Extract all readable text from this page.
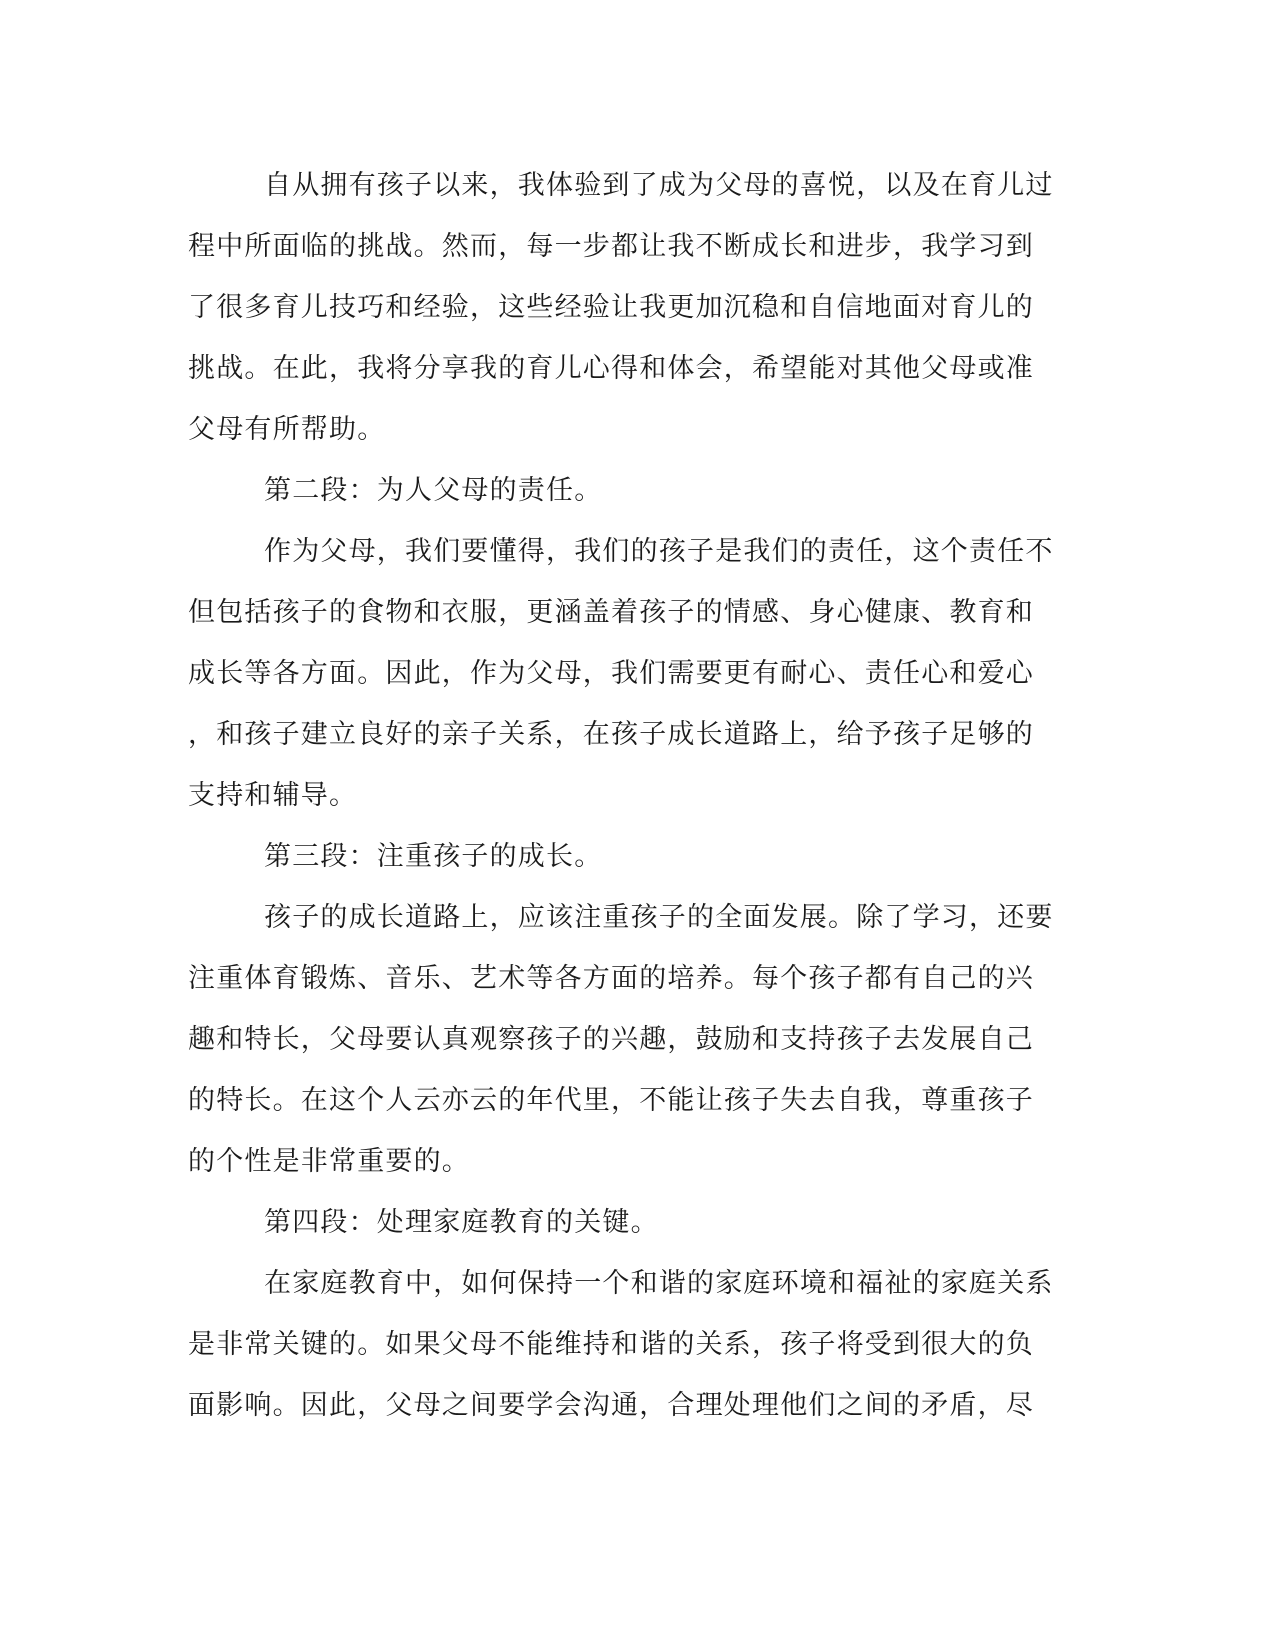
自从拥有孩子以来，我体验到了成为父母的喜悦，以及在育儿过
程中所面临的挑战。然而，每一步都让我不断成长和进步，我学习到
了很多育儿技巧和经验，这些经验让我更加沉稳和自信地面对育儿的
挑战。在此，我将分享我的育儿心得和体会，希望能对其他父母或准
父母有所帮助。

第二段：为人父母的责任。

作为父母，我们要懂得，我们的孩子是我们的责任，这个责任不
但包括孩子的食物和衣服，更涵盖着孩子的情感、身心健康、教育和
成长等各方面。因此，作为父母，我们需要更有耐心、责任心和爱心
，和孩子建立良好的亲子关系，在孩子成长道路上，给予孩子足够的
支持和辅导。

第三段：注重孩子的成长。

孩子的成长道路上，应该注重孩子的全面发展。除了学习，还要
注重体育锻炼、音乐、艺术等各方面的培养。每个孩子都有自己的兴
趣和特长，父母要认真观察孩子的兴趣，鼓励和支持孩子去发展自己
的特长。在这个人云亦云的年代里，不能让孩子失去自我，尊重孩子
的个性是非常重要的。

第四段：处理家庭教育的关键。

在家庭教育中，如何保持一个和谐的家庭环境和福祉的家庭关系
是非常关键的。如果父母不能维持和谐的关系，孩子将受到很大的负
面影响。因此，父母之间要学会沟通，合理处理他们之间的矛盾，尽
